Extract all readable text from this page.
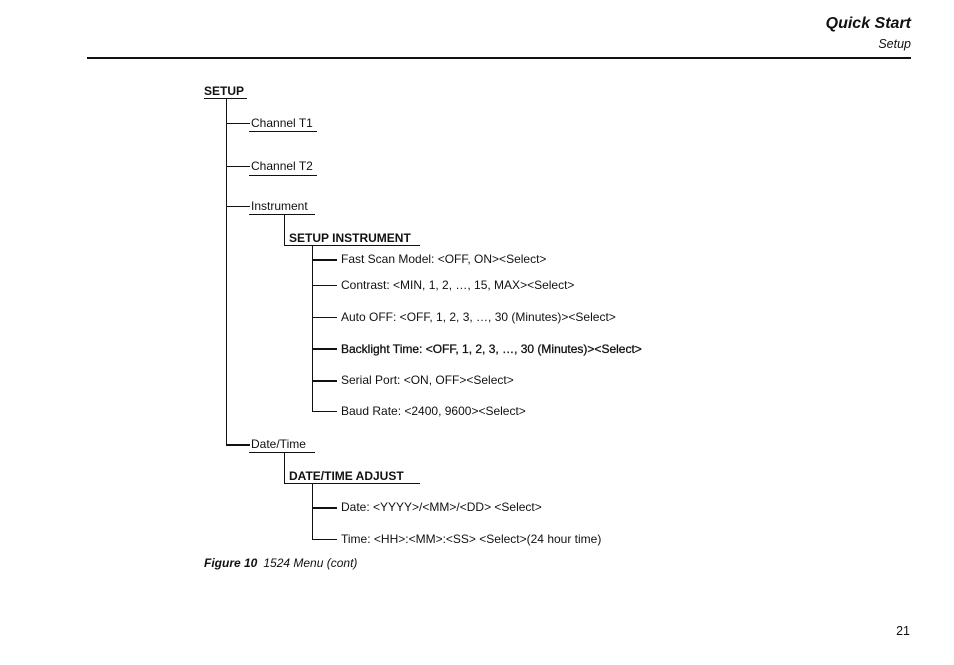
Quick Start
Setup
SETUP
Channel T1
Channel T2
Instrument
SETUP INSTRUMENT
Fast Scan Model: <OFF, ON><Select>
Contrast: <MIN, 1, 2, …, 15, MAX><Select>
Auto OFF: <OFF, 1, 2, 3, …, 30 (Minutes)><Select>
Backlight Time: <OFF, 1, 2, 3, …, 30 (Minutes)><Select>
Serial Port: <ON, OFF><Select>
Baud Rate: <2400, 9600><Select>
Date/Time
DATE/TIME ADJUST
Date: <YYYY>/<MM>/<DD> <Select>
Time: <HH>:<MM>:<SS> <Select>(24 hour time)
Figure 10 1524 Menu (cont)
21
